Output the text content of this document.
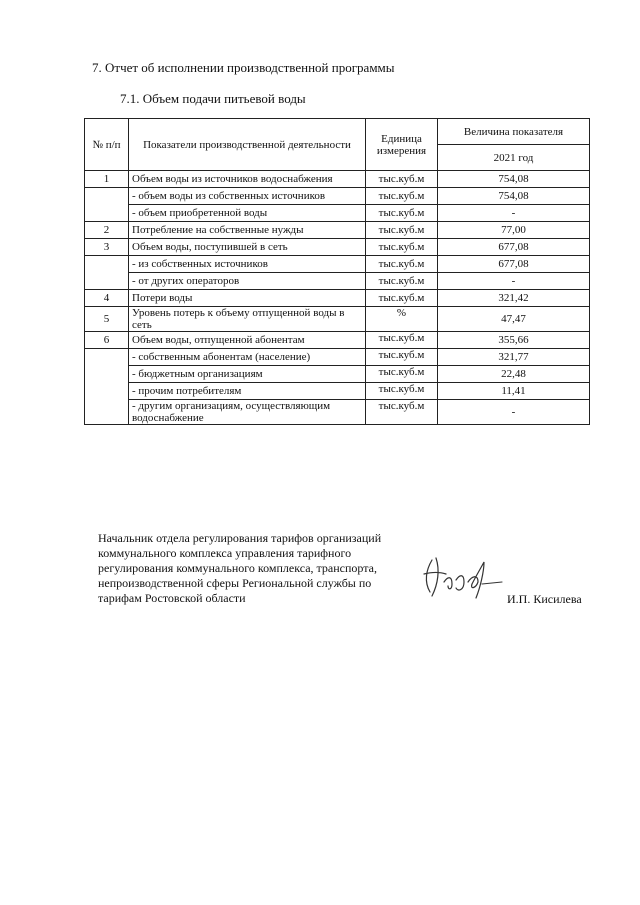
7. Отчет об исполнении производственной программы
7.1. Объем подачи питьевой воды
№ п/п	Показатели производственной деятельности	Единица измерения	Величина показателя
			2021 год
1	Объем воды из источников водоснабжения	тыс.куб.м	754,08
	- объем воды из собственных источников	тыс.куб.м	754,08
	- объем приобретенной воды	тыс.куб.м	-
2	Потребление на собственные нужды	тыс.куб.м	77,00
3	Объем воды, поступившей в сеть	тыс.куб.м	677,08
	- из собственных источников	тыс.куб.м	677,08
	- от других операторов	тыс.куб.м	-
4	Потери воды	тыс.куб.м	321,42
5	Уровень потерь к объему отпущенной воды в сеть	%	47,47
6	Объем воды, отпущенной абонентам	тыс.куб.м	355,66
	- собственным абонентам (население)	тыс.куб.м	321,77
	- бюджетным организациям	тыс.куб.м	22,48
	- прочим потребителям	тыс.куб.м	11,41
	- другим организациям, осуществляющим водоснабжение	тыс.куб.м	-
Начальник отдела регулирования тарифов организаций коммунального комплекса управления тарифного регулирования коммунального комплекса, транспорта, непроизводственной сферы Региональной службы по тарифам Ростовской области	И.П. Кисилева
